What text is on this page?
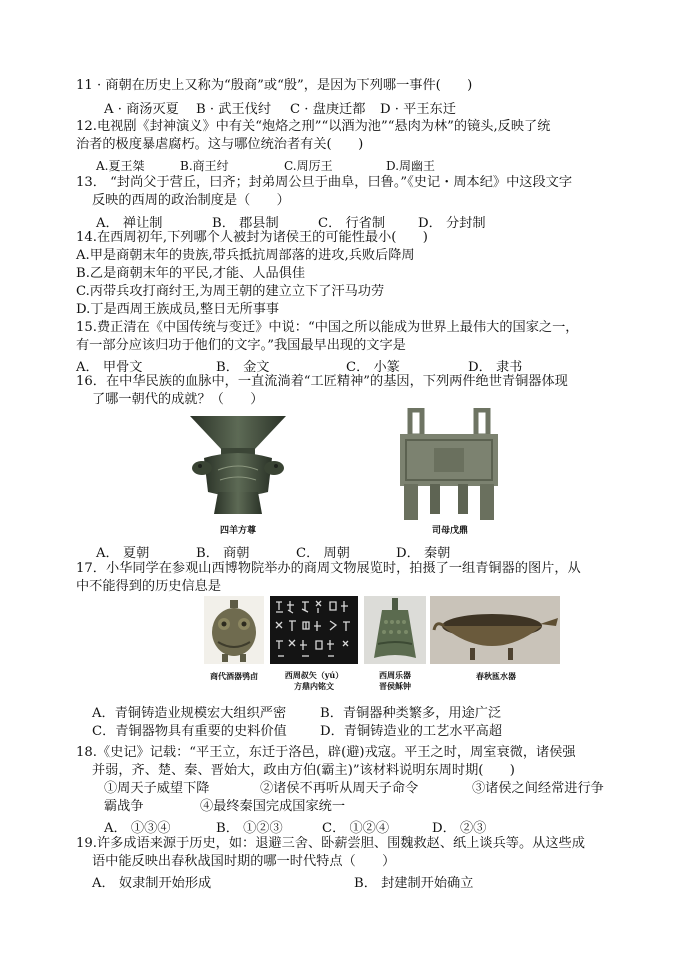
11 · 商朝在历史上又称为“殷商”或“殷”，是因为下列哪一事件(　　)
A · 商汤灭夏 B · 武王伐纣 C · 盘庚迁都 D · 平王东迁
12.电视剧《封神演义》中有关“炮烙之刑”“以酒为池”“悬肉为林”的镜头,反映了统
治者的极度暴虐腐朽。这与哪位统治者有关(　　)
A.夏王桀	B.商王纣	C.周厉王	D.周幽王
13． “封尚父于营丘，曰齐；封弟周公旦于曲阜，曰鲁。”《史记・周本纪》中这段文字
反映的西周的政治制度是（　　）
A． 禅让制	B． 郡县制	C． 行省制 D． 分封制
14.在西周初年,下列哪个人被封为诸侯王的可能性最小(　　)
A.甲是商朝末年的贵族,带兵抵抗周部落的进攻,兵败后降周
B.乙是商朝末年的平民,才能、人品俱佳
C.丙带兵攻打商纣王,为周王朝的建立立下了汗马功劳
D.丁是西周王族成员,整日无所事事
15.费正清在《中国传统与变迁》中说：“中国之所以能成为世界上最伟大的国家之一，
有一部分应该归功于他们的文字。”我国最早出现的文字是
A． 甲骨文	B． 金文	C． 小篆	D． 隶书
16．在中华民族的血脉中，一直流淌着“工匠精神”的基因，下列两件绝世青铜器体现
了哪一朝代的成就？（　　）
四羊方尊	司母戊鼎
A． 夏朝	B． 商朝	C． 周朝	D． 秦朝
17．小华同学在参观山西博物院举办的商周文物展览时，拍摄了一组青铜器的图片，从
中不能得到的历史信息是
商代酒器鸮卣	西周叔矢（yú）
方鼎内铭文
西周乐器
晋侯稣钟
春秋匜水器
A．青铜铸造业规模宏大组织严密	B．青铜器种类繁多，用途广泛
C．青铜器物具有重要的史料价值	D．青铜铸造业的工艺水平高超
18.《史记》记载：“平王立，东迁于洛邑，辟(避)戎寇。平王之时，周室衰微，诸侯强
并弱，齐、楚、秦、晋始大，政由方伯(霸主)”该材料说明东周时期(　　)
①周天子威望下降	②诸侯不再听从周天子命令	③诸侯之间经常进行争
霸战争	④最终秦国完成国家统一
A． ①③④	B． ①②③	C． ①②④	D． ②③
19.许多成语来源于历史，如：退避三舍、卧薪尝胆、围魏救赵、纸上谈兵等。从这些成
语中能反映出春秋战国时期的哪一时代特点（　　）
A． 奴隶制开始形成	B． 封建制开始确立
